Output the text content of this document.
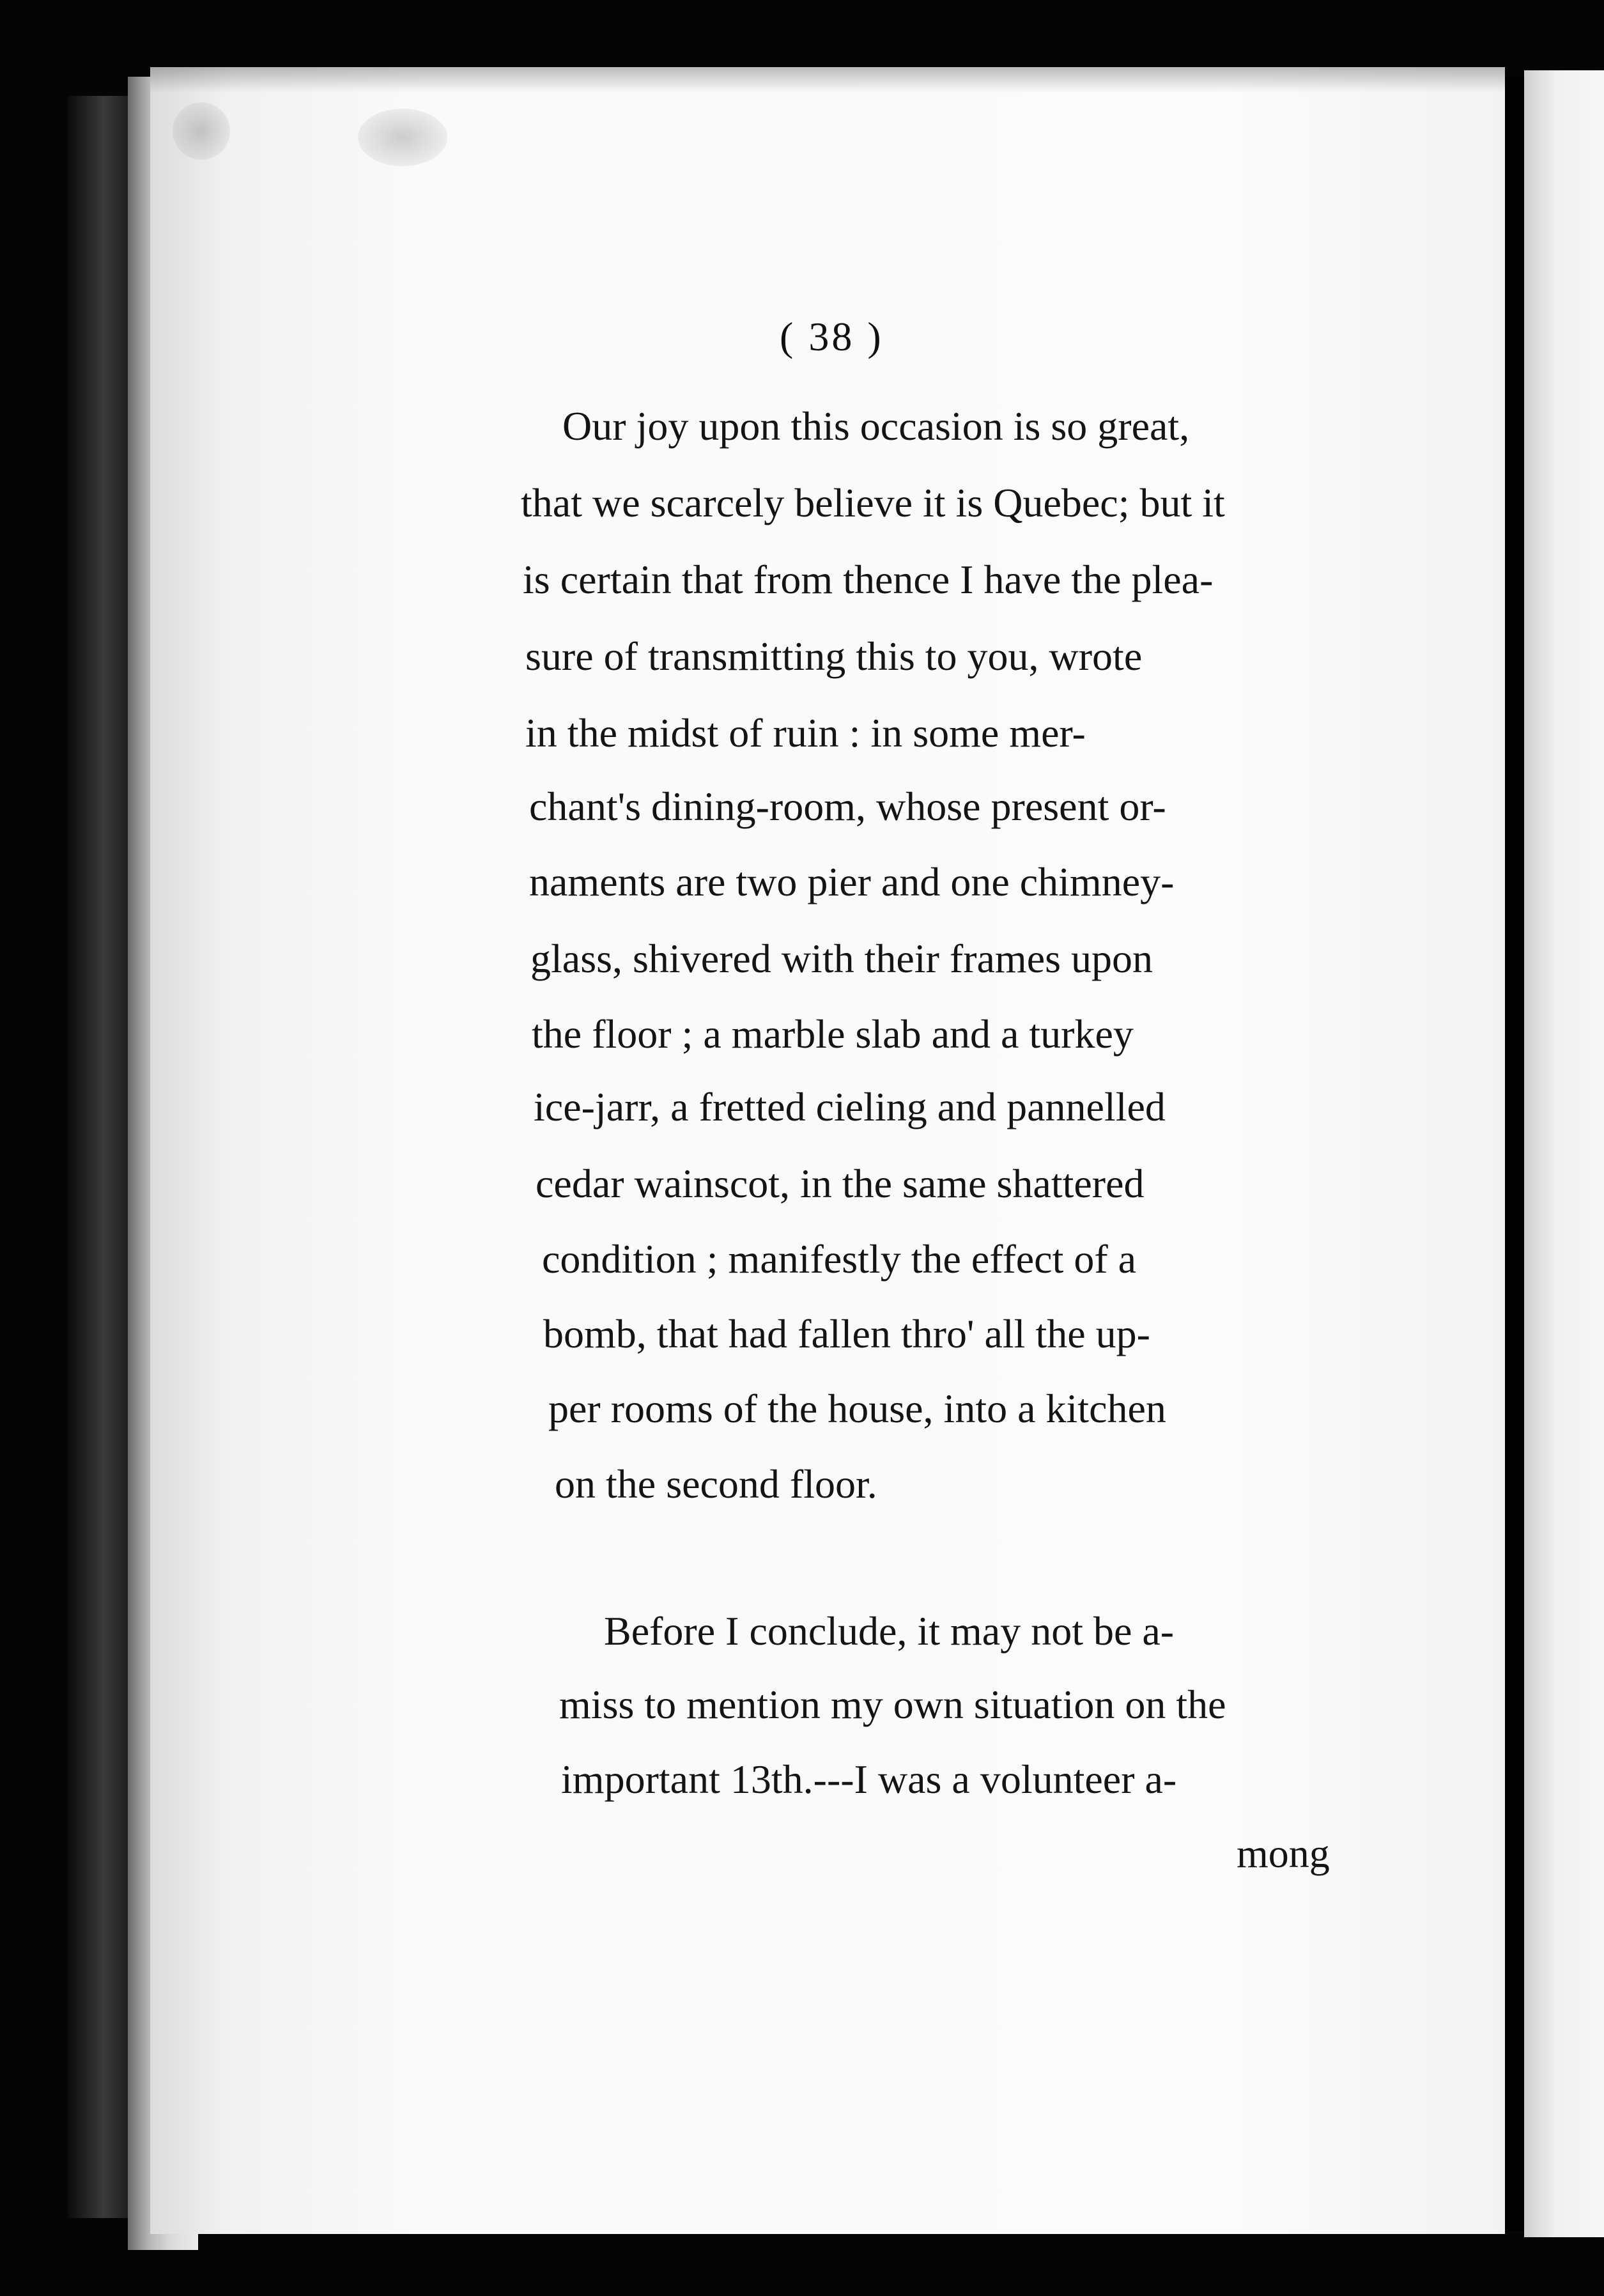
( 38 )
Our joy upon this occasion is so great,
that we scarcely believe it is Quebec; but it
is certain that from thence I have the plea-
sure of transmitting this to you, wrote
in the midst of ruin : in some mer-
chant's dining-room, whose present or-
naments are two pier and one chimney-
glass, shivered with their frames upon
the floor ; a marble slab and a turkey
ice-jarr, a fretted cieling and pannelled
cedar wainscot, in the same shattered
condition ; manifestly the effect of a
bomb, that had fallen thro' all the up-
per rooms of the house, into a kitchen
on the second floor.
Before I conclude, it may not be a-
miss to mention my own situation on the
important 13th.---I was a volunteer a-
mong
